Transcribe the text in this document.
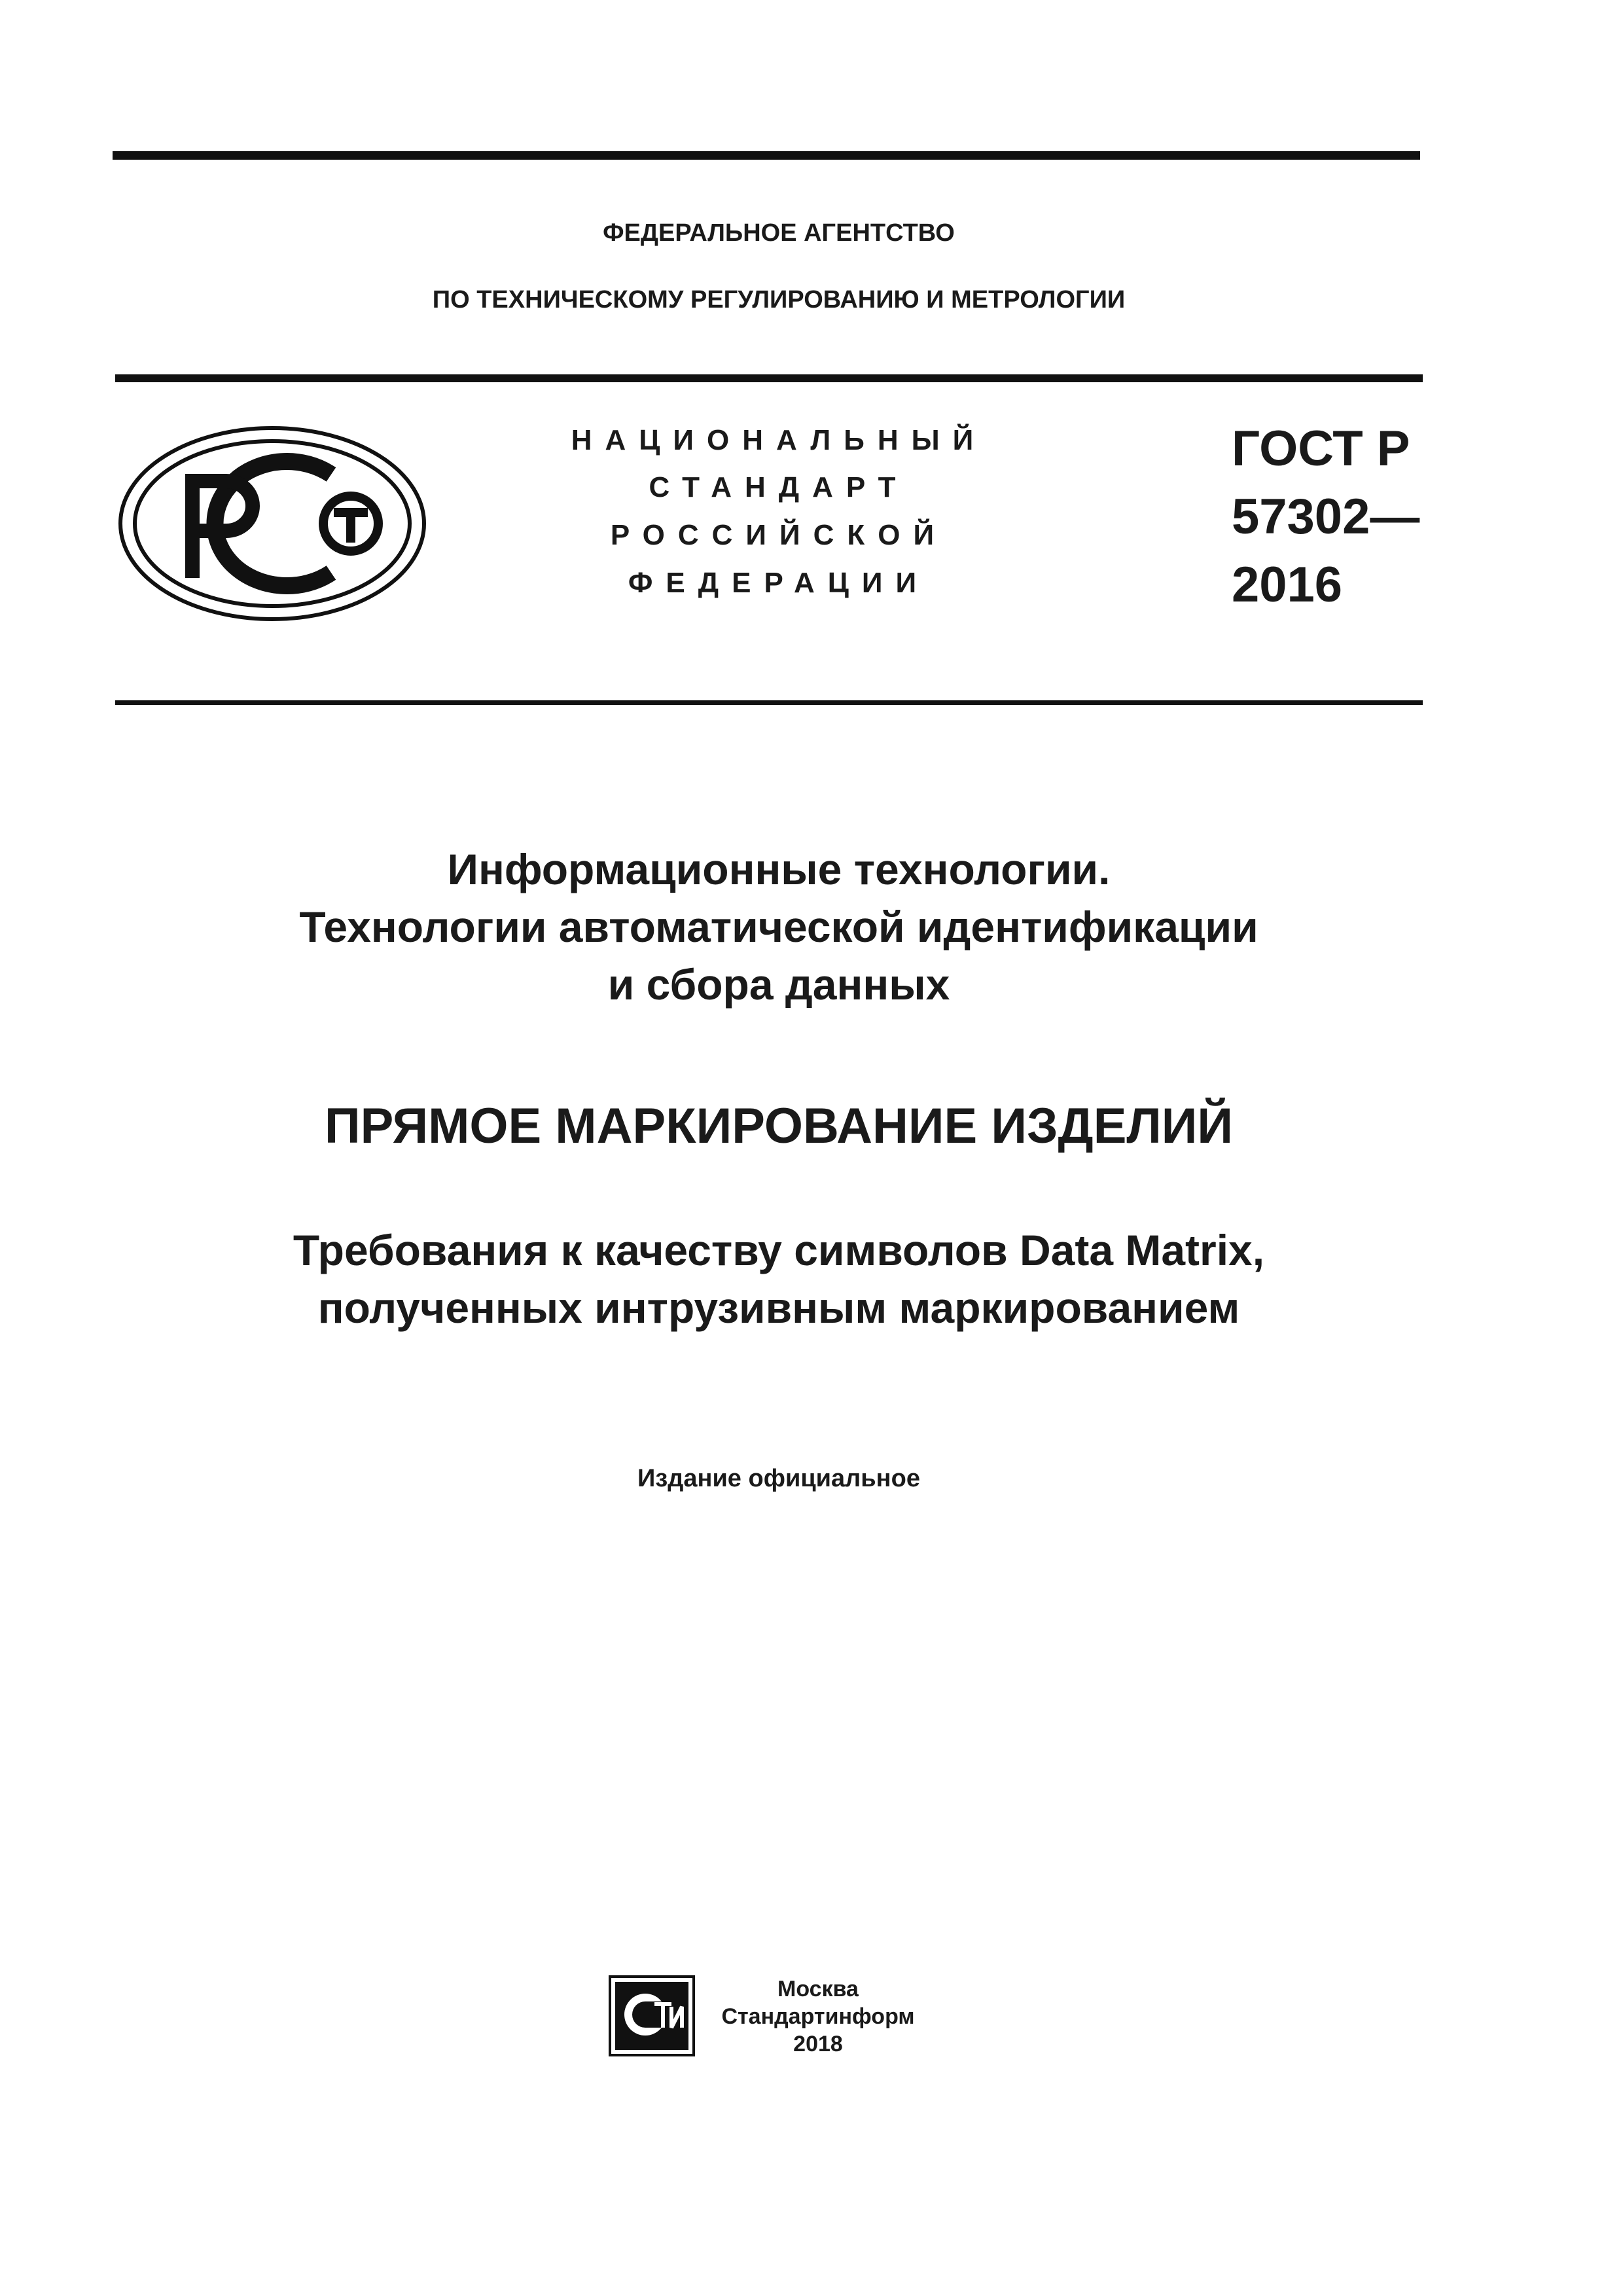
ФЕДЕРАЛЬНОЕ АГЕНТСТВО
ПО ТЕХНИЧЕСКОМУ РЕГУЛИРОВАНИЮ И МЕТРОЛОГИИ
РСТ
НАЦИОНАЛЬНЫЙ
СТАНДАРТ
РОССИЙСКОЙ
ФЕДЕРАЦИИ
ГОСТ Р
57302—
2016
Информационные технологии.
Технологии автоматической идентификации
и сбора данных
ПРЯМОЕ МАРКИРОВАНИЕ ИЗДЕЛИЙ
Требования к качеству символов Data Matrix,
полученных интрузивным маркированием
Издание официальное
Москва
Стандартинформ
2018
